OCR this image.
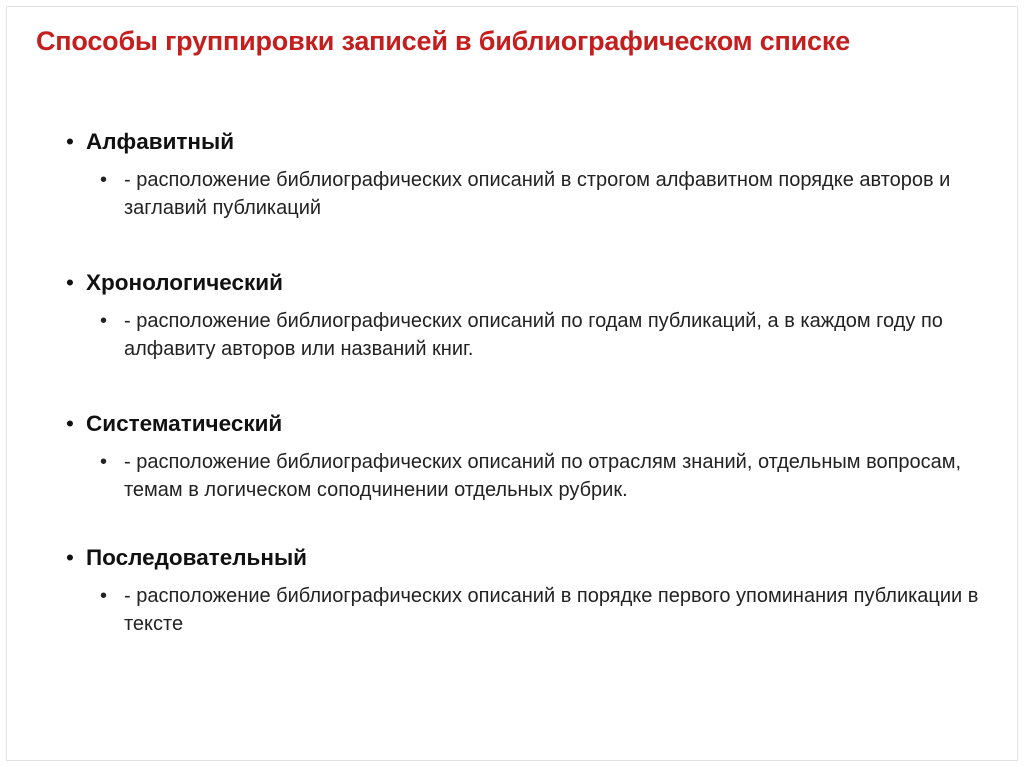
Способы группировки записей в библиографическом списке
• Алфавитный
• - расположение библиографических описаний в строгом алфавитном порядке авторов и заглавий публикаций
• Хронологический
• - расположение библиографических описаний по годам публикаций, а в каждом году по алфавиту авторов или названий книг.
• Систематический
• - расположение библиографических описаний по отраслям знаний, отдельным вопросам, темам в логическом соподчинении отдельных рубрик.
• Последовательный
• - расположение библиографических описаний в порядке первого упоминания публикации в тексте
